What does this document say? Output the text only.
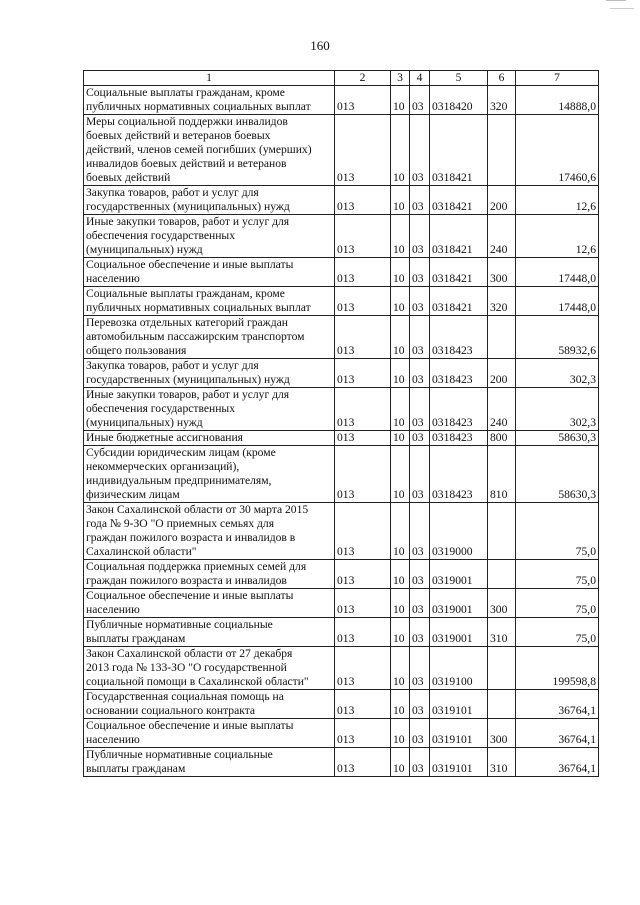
160
1	2	3	4	5	6	7
Социальные выплаты гражданам, кроме
публичных нормативных социальных выплат	013	10	03	0318420	320	14888,0
Меры социальной поддержки инвалидов
боевых действий и ветеранов боевых
действий, членов семей погибших (умерших)
инвалидов боевых действий и ветеранов
боевых действий	013	10	03	0318421		17460,6
Закупка товаров, работ и услуг для
государственных (муниципальных) нужд	013	10	03	0318421	200	12,6
Иные закупки товаров, работ и услуг для
обеспечения государственных
(муниципальных) нужд	013	10	03	0318421	240	12,6
Социальное обеспечение и иные выплаты
населению	013	10	03	0318421	300	17448,0
Социальные выплаты гражданам, кроме
публичных нормативных социальных выплат	013	10	03	0318421	320	17448,0
Перевозка отдельных категорий граждан
автомобильным пассажирским транспортом
общего пользования	013	10	03	0318423		58932,6
Закупка товаров, работ и услуг для
государственных (муниципальных) нужд	013	10	03	0318423	200	302,3
Иные закупки товаров, работ и услуг для
обеспечения государственных
(муниципальных) нужд	013	10	03	0318423	240	302,3
Иные бюджетные ассигнования	013	10	03	0318423	800	58630,3
Субсидии юридическим лицам (кроме
некоммерческих организаций),
индивидуальным предпринимателям,
физическим лицам	013	10	03	0318423	810	58630,3
Закон Сахалинской области от 30 марта 2015
года № 9-ЗО "О приемных семьях для
граждан пожилого возраста и инвалидов в
Сахалинской области"	013	10	03	0319000		75,0
Социальная поддержка приемных семей для
граждан пожилого возраста и инвалидов	013	10	03	0319001		75,0
Социальное обеспечение и иные выплаты
населению	013	10	03	0319001	300	75,0
Публичные нормативные социальные
выплаты гражданам	013	10	03	0319001	310	75,0
Закон Сахалинской области от 27 декабря
2013 года № 133-ЗО "О государственной
социальной помощи в Сахалинской области"	013	10	03	0319100		199598,8
Государственная социальная помощь на
основании социального контракта	013	10	03	0319101		36764,1
Социальное обеспечение и иные выплаты
населению	013	10	03	0319101	300	36764,1
Публичные нормативные социальные
выплаты гражданам	013	10	03	0319101	310	36764,1
